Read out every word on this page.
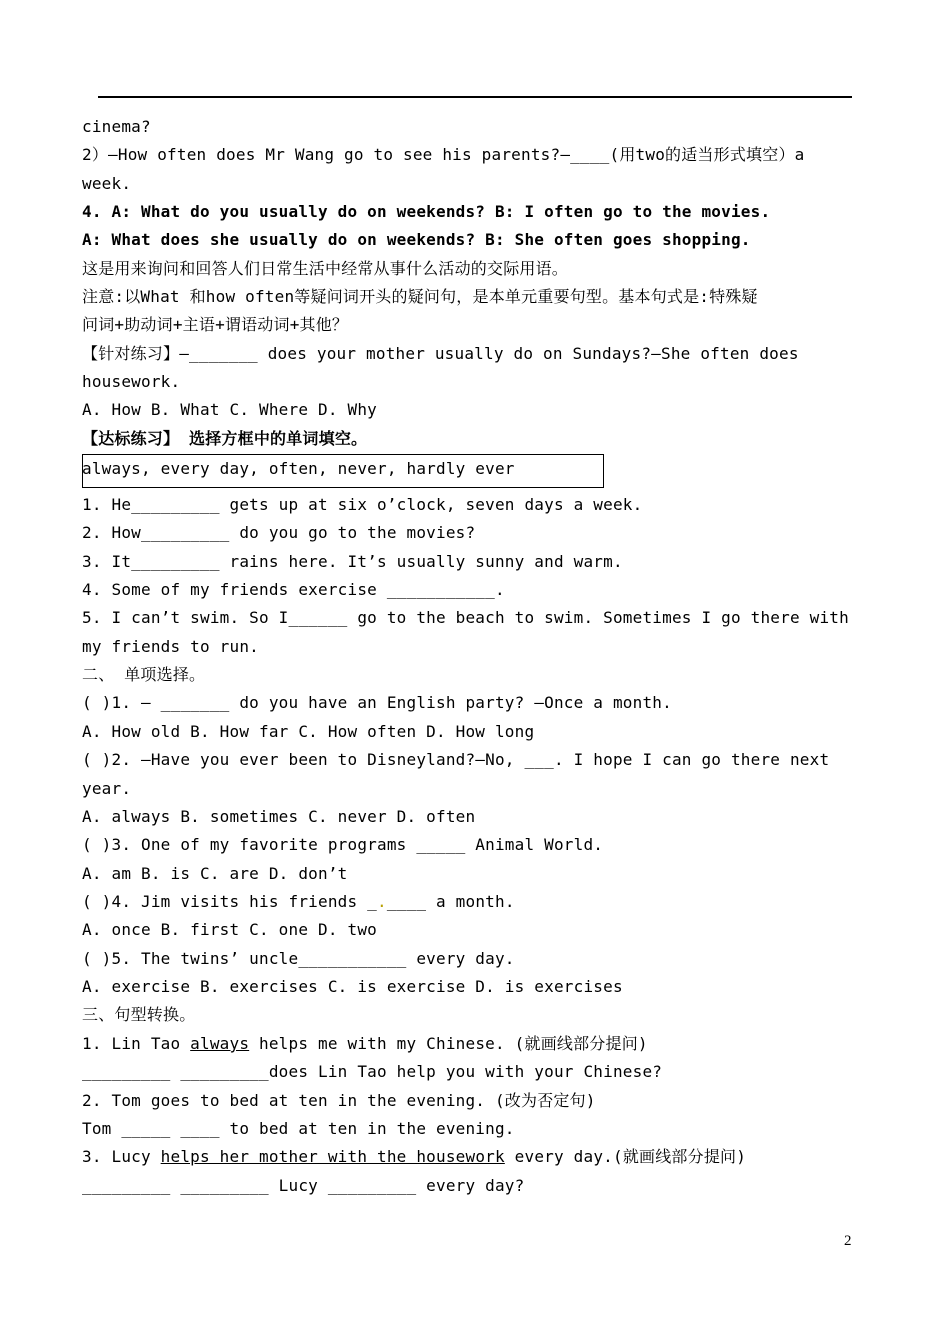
cinema?
2）—How often does Mr Wang go to see his parents?—____(用two的适当形式填空）a
week.
4. A: What do you usually do on weekends? B: I often go to the movies.
A: What does she usually do on weekends? B: She often goes shopping.
这是用来询问和回答人们日常生活中经常从事什么活动的交际用语。
注意:以What 和how often等疑问词开头的疑问句，是本单元重要句型。基本句式是:特殊疑
问词+助动词+主语+谓语动词+其他？
【针对练习】—_______ does your mother usually do on Sundays?—She often does
housework.
A. How B. What C. Where D. Why
【达标练习】 选择方框中的单词填空。
always, every day, often, never, hardly ever
1. He_________ gets up at six o’clock, seven days a week.
2. How_________ do you go to the movies?
3. It_________ rains here. It’s usually sunny and warm.
4. Some of my friends exercise ___________.
5. I can’t swim. So I______ go to the beach to swim. Sometimes I go there with
my friends to run.
二、 单项选择。
( )1. — _______ do you have an English party? —Once a month.
A. How old B. How far C. How often D. How long
( )2. —Have you ever been to Disneyland?—No, ___. I hope I can go there next
year.
A. always B. sometimes C. never D. often
( )3. One of my favorite programs _____ Animal World.
A. am B. is C. are D. don’t
( )4. Jim visits his friends _.____ a month.
A. once B. first C. one D. two
( )5. The twins’ uncle___________ every day.
A. exercise B. exercises C. is exercise D. is exercises
三、句型转换。
1. Lin Tao always helps me with my Chinese. (就画线部分提问)
_________ _________does Lin Tao help you with your Chinese?
2. Tom goes to bed at ten in the evening. (改为否定句)
Tom _____ ____ to bed at ten in the evening.
3. Lucy helps her mother with the housework every day.(就画线部分提问)
_________ _________ Lucy _________ every day?
2
